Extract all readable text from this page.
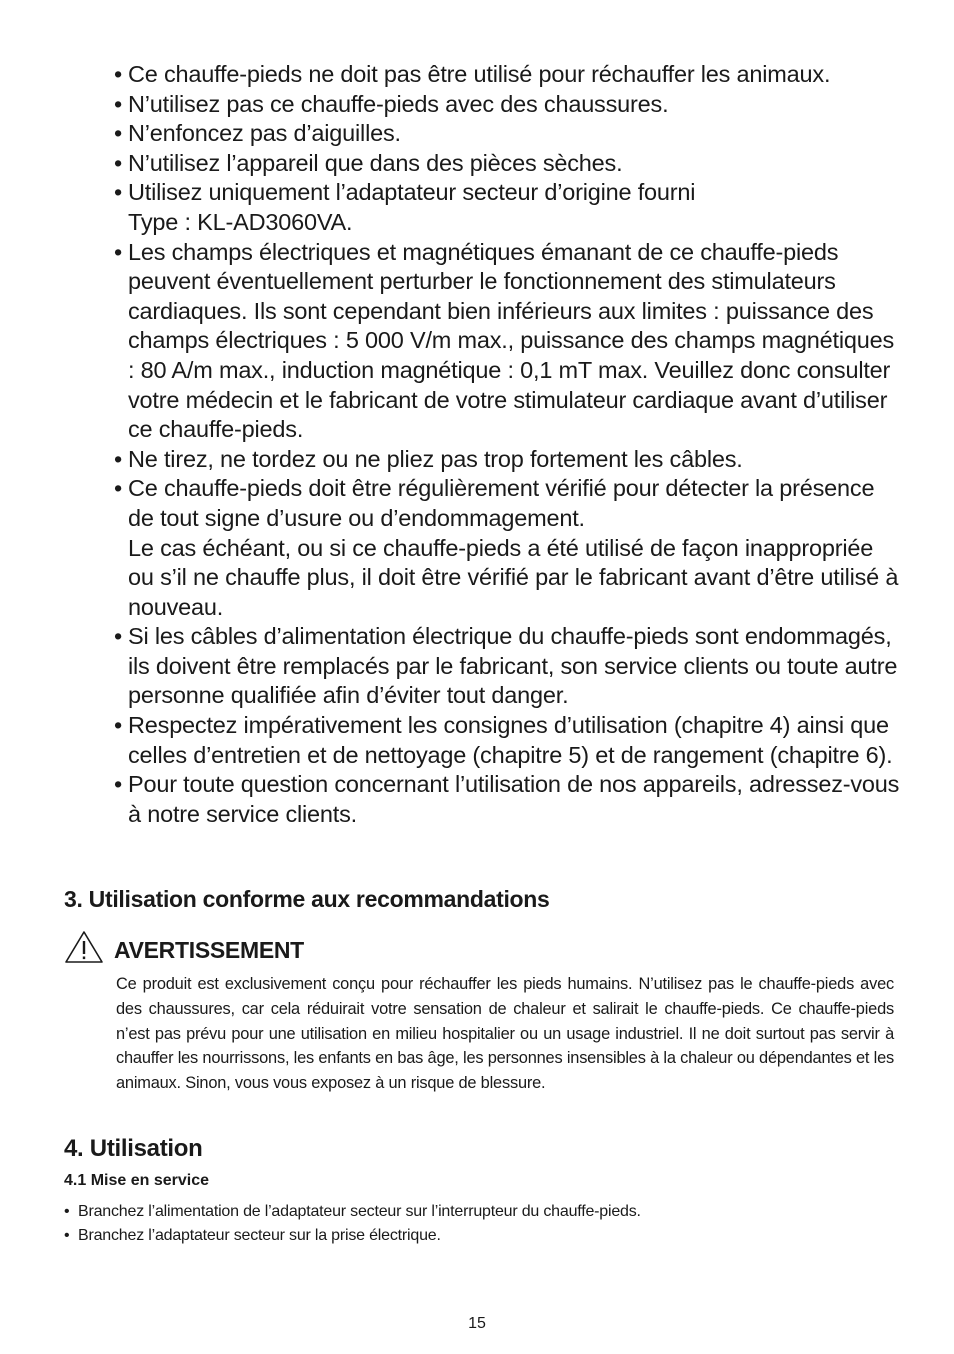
• Ce chauffe-pieds ne doit pas être utilisé pour réchauffer les animaux.

• N’utilisez pas ce chauffe-pieds avec des chaussures.

• N’enfoncez pas d’aiguilles.

• N’utilisez l’appareil que dans des pièces sèches.

• Utilisez uniquement l’adaptateur secteur d’origine fourni Type : KL-AD3060VA.

• Les champs électriques et magnétiques émanant de ce chauffe-pieds peuvent éventuellement perturber le fonctionnement des stimulateurs cardiaques. Ils sont cependant bien inférieurs aux limites : puissance des champs électriques : 5 000 V/m max., puissance des champs magnétiques : 80 A/m max., induction magnétique : 0,1 mT max. Veuillez donc consulter votre médecin et le fabricant de votre stimulateur cardiaque avant d’utiliser ce chauffe-pieds.

• Ne tirez, ne tordez ou ne pliez pas trop fortement les câbles.

• Ce chauffe-pieds doit être régulièrement vérifié pour détecter la présence de tout signe d’usure ou d’endommagement.

Le cas échéant, ou si ce chauffe-pieds a été utilisé de façon inappropriée ou s’il ne chauffe plus, il doit être vérifié par le fabricant avant d’être utilisé à nouveau.

• Si les câbles d’alimentation électrique du chauffe-pieds sont endommagés, ils doivent être remplacés par le fabricant, son service clients ou toute autre personne qualifiée afin d’éviter tout danger.

• Respectez impérativement les consignes d’utilisation (chapitre 4) ainsi que celles d’entretien et de nettoyage (chapitre 5) et de rangement (chapitre 6).

• Pour toute question concernant l’utilisation de nos appareils, adressez-vous à notre service clients.

3. Utilisation conforme aux recommandations
AVERTISSEMENT

Ce produit est exclusivement conçu pour réchauffer les pieds humains. N’utilisez pas le chauffe-pieds avec des chaussures, car cela réduirait votre sensation de chaleur et salirait le chauffe-pieds. Ce chauffe-pieds n’est pas prévu pour une utilisation en milieu hospitalier ou un usage industriel. Il ne doit surtout pas servir à chauffer les nourrissons, les enfants en bas âge, les personnes insensibles à la chaleur ou dépendantes et les animaux. Sinon, vous vous exposez à un risque de blessure.

4. Utilisation
4.1 Mise en service
• Branchez l’alimentation de l’adaptateur secteur sur l’interrupteur du chauffe-pieds.
• Branchez l’adaptateur secteur sur la prise électrique.
15
